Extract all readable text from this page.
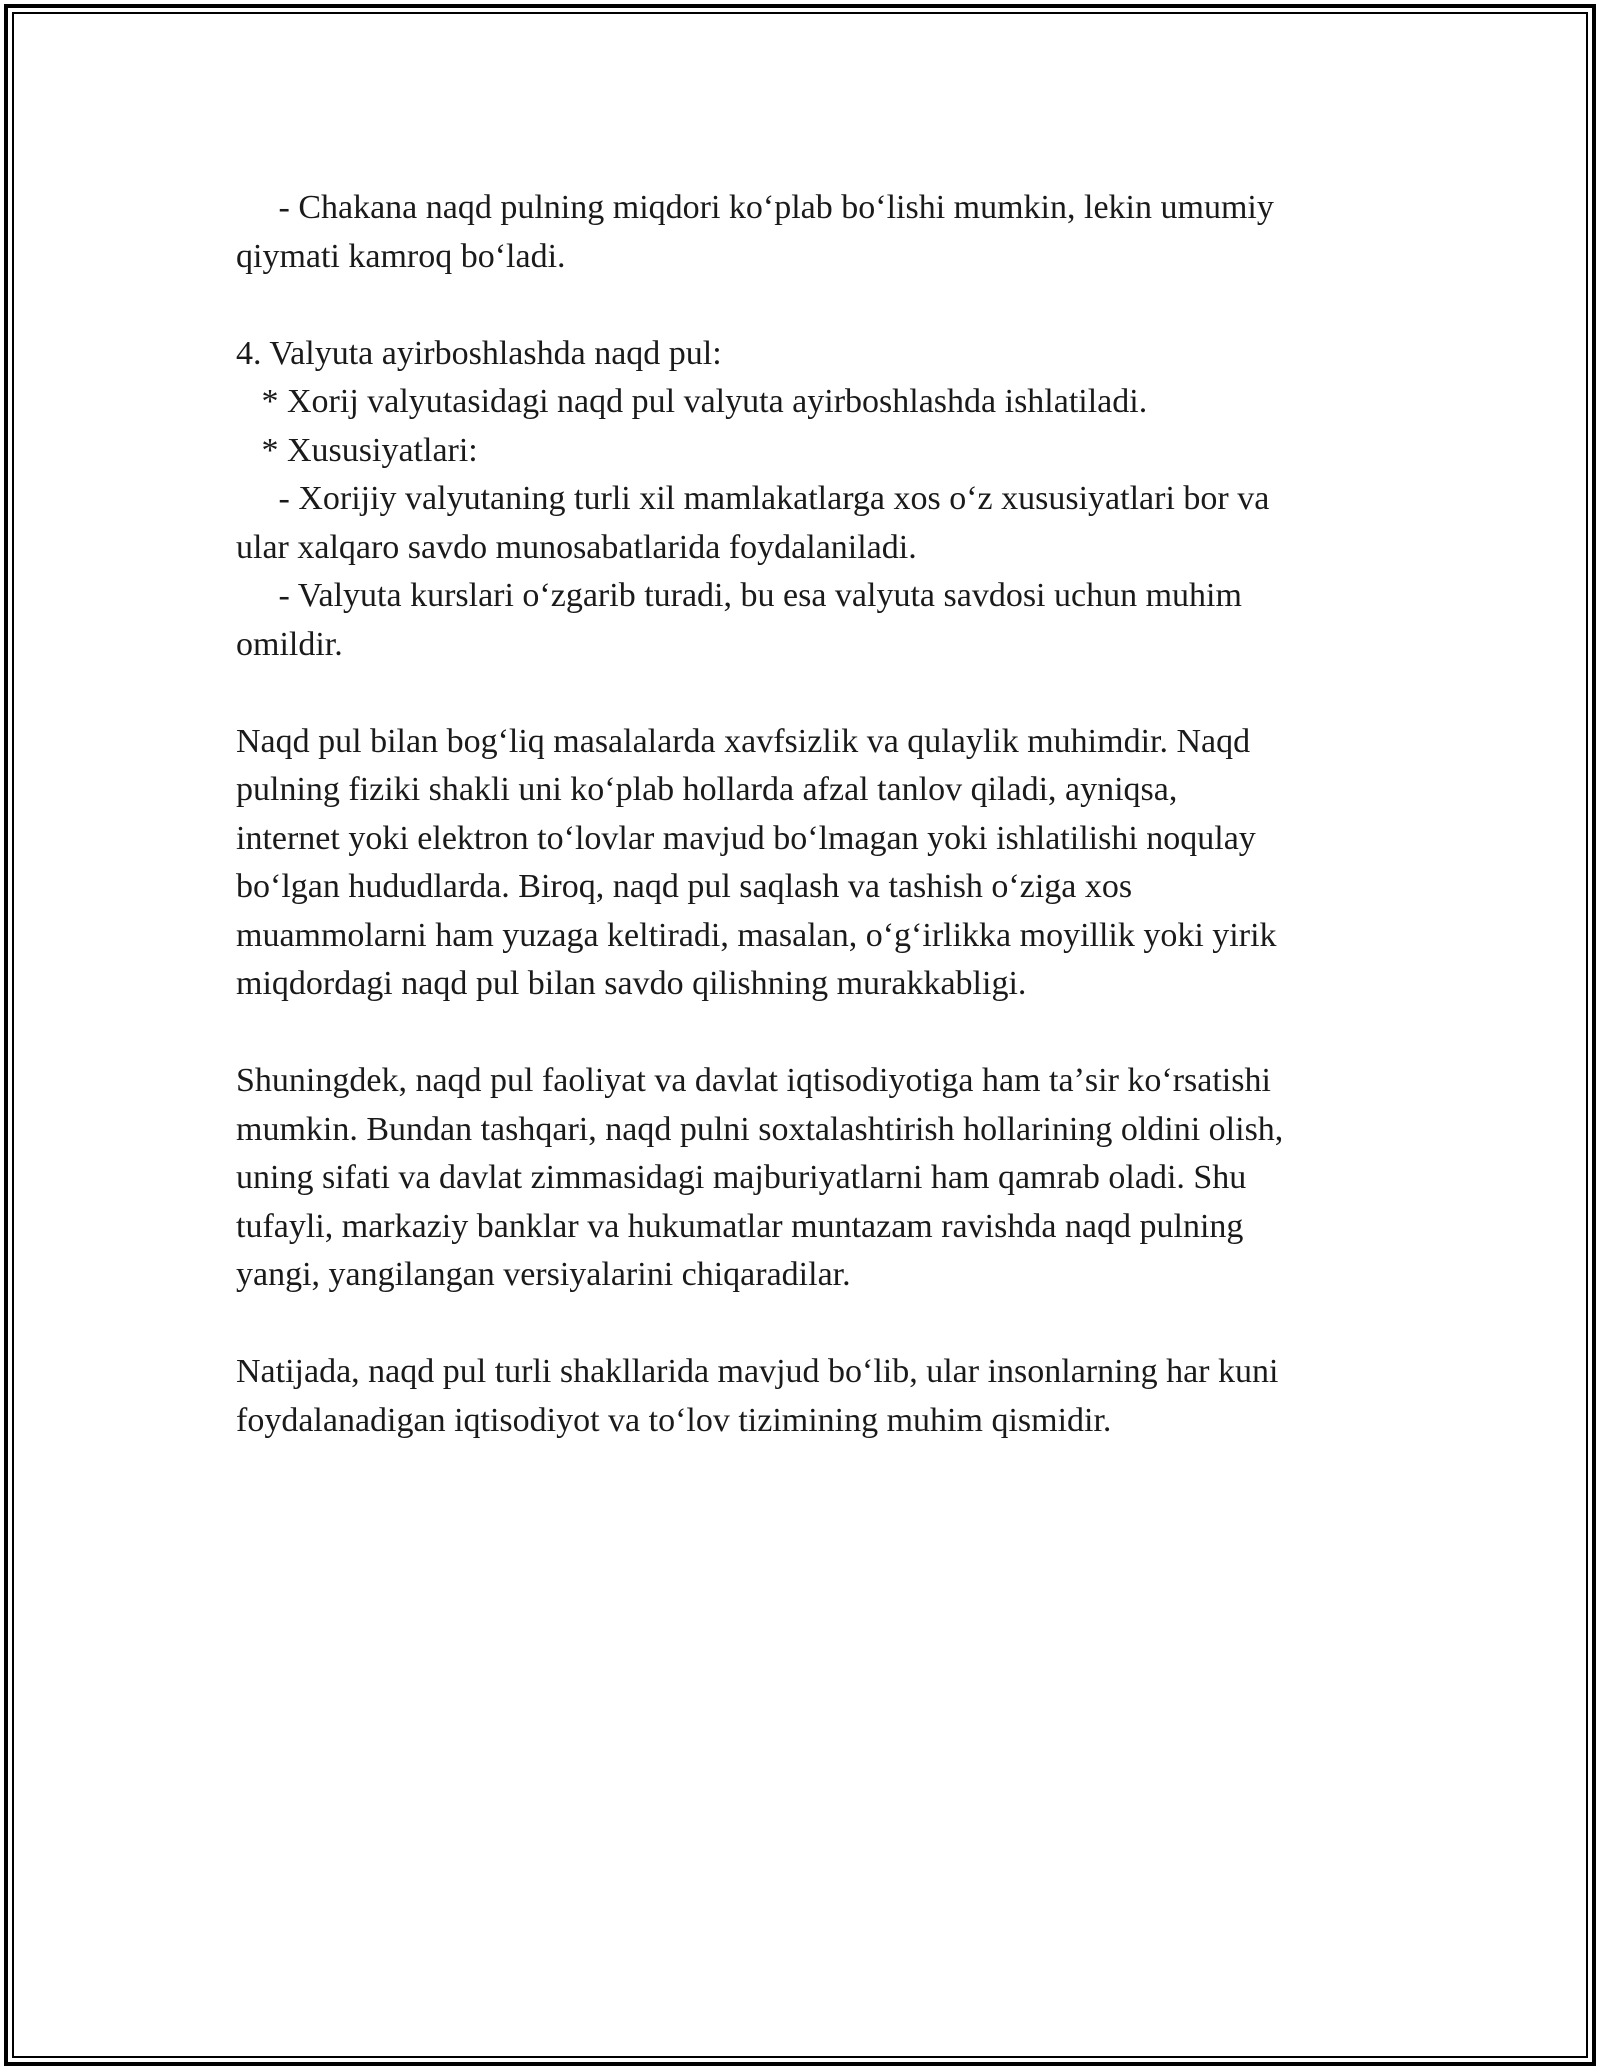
- Chakana naqd pulning miqdori koʻplab boʻlishi mumkin, lekin umumiy
qiymati kamroq boʻladi.
4. Valyuta ayirboshlashda naqd pul:
* Xorij valyutasidagi naqd pul valyuta ayirboshlashda ishlatiladi.
* Xususiyatlari:
- Xorijiy valyutaning turli xil mamlakatlarga xos oʻz xususiyatlari bor va
ular xalqaro savdo munosabatlarida foydalaniladi.
- Valyuta kurslari oʻzgarib turadi, bu esa valyuta savdosi uchun muhim
omildir.
Naqd pul bilan bogʻliq masalalarda xavfsizlik va qulaylik muhimdir. Naqd
pulning fiziki shakli uni koʻplab hollarda afzal tanlov qiladi, ayniqsa,
internet yoki elektron toʻlovlar mavjud boʻlmagan yoki ishlatilishi noqulay
boʻlgan hududlarda. Biroq, naqd pul saqlash va tashish oʻziga xos
muammolarni ham yuzaga keltiradi, masalan, oʻgʻirlikka moyillik yoki yirik
miqdordagi naqd pul bilan savdo qilishning murakkabligi.
Shuningdek, naqd pul faoliyat va davlat iqtisodiyotiga ham taʼsir koʻrsatishi
mumkin. Bundan tashqari, naqd pulni soxtalashtirish hollarining oldini olish,
uning sifati va davlat zimmasidagi majburiyatlarni ham qamrab oladi. Shu
tufayli, markaziy banklar va hukumatlar muntazam ravishda naqd pulning
yangi, yangilangan versiyalarini chiqaradilar.
Natijada, naqd pul turli shakllarida mavjud boʻlib, ular insonlarning har kuni
foydalanadigan iqtisodiyot va toʻlov tizimining muhim qismidir.
